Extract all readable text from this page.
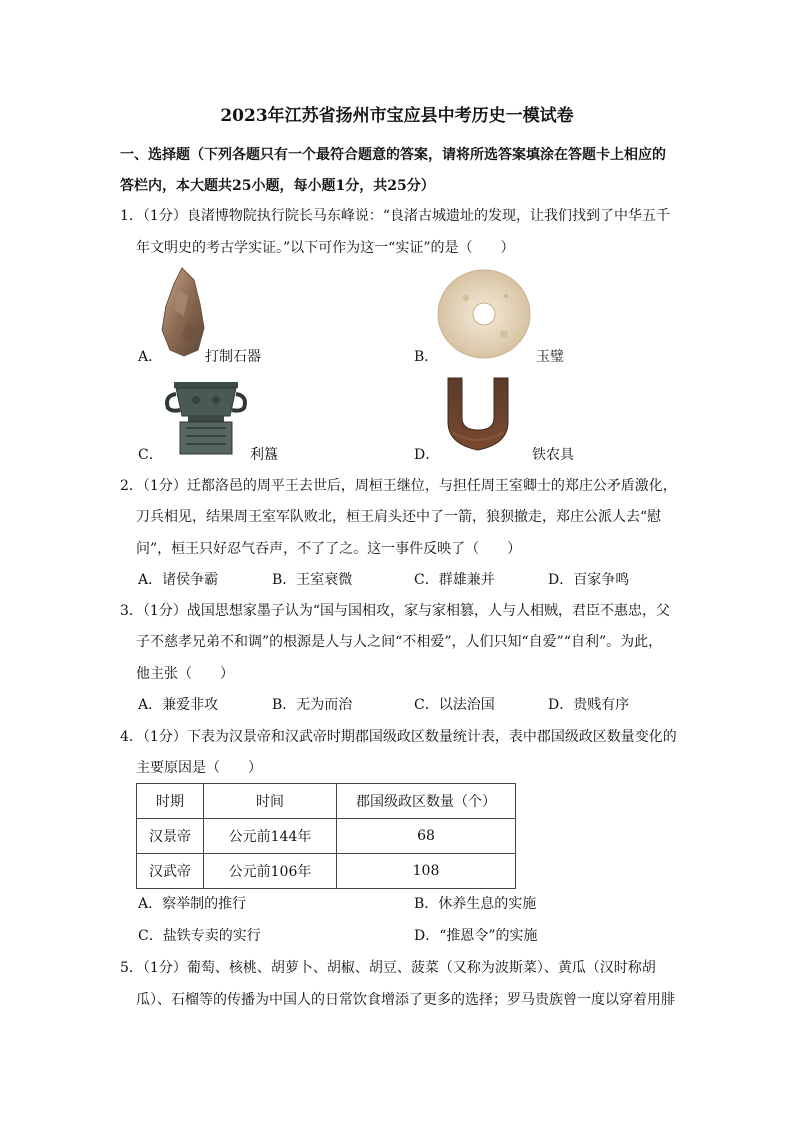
2023年江苏省扬州市宝应县中考历史一模试卷
一、选择题（下列各题只有一个最符合题意的答案，请将所选答案填涂在答题卡上相应的
答栏内，本大题共25小题，每小题1分，共25分）
1．（1分）良渚博物院执行院长马东峰说：“良渚古城遗址的发现，让我们找到了中华五千
年文明史的考古学实证。”以下可作为这一“实证”的是（　　）
A．	打制石器	B．	玉璧
C．	利簋	D．	铁农具
2．（1分）迁都洛邑的周平王去世后，周桓王继位，与担任周王室卿士的郑庄公矛盾激化，
刀兵相见，结果周王室军队败北，桓王肩头还中了一箭，狼狈撤走，郑庄公派人去“慰
问”，桓王只好忍气吞声，不了了之。这一事件反映了（　　）
A．诸侯争霸	B．王室衰微	C．群雄兼并	D．百家争鸣
3．（1分）战国思想家墨子认为“国与国相攻，家与家相篡，人与人相贼，君臣不惠忠，父
子不慈孝兄弟不和调”的根源是人与人之间“不相爱”，人们只知“自爱”“自利”。为此，
他主张（　　）
A．兼爱非攻	B．无为而治	C．以法治国	D．贵贱有序
4．（1分）下表为汉景帝和汉武帝时期郡国级政区数量统计表，表中郡国级政区数量变化的
主要原因是（　　）
时期	时间	郡国级政区数量（个）
汉景帝	公元前144年	68
汉武帝	公元前106年	108
A．察举制的推行	B．休养生息的实施
C．盐铁专卖的实行	D．“推恩令”的实施
5．（1分）葡萄、核桃、胡萝卜、胡椒、胡豆、菠菜（又称为波斯菜）、黄瓜（汉时称胡
瓜）、石榴等的传播为中国人的日常饮食增添了更多的选择；罗马贵族曾一度以穿着用腓
